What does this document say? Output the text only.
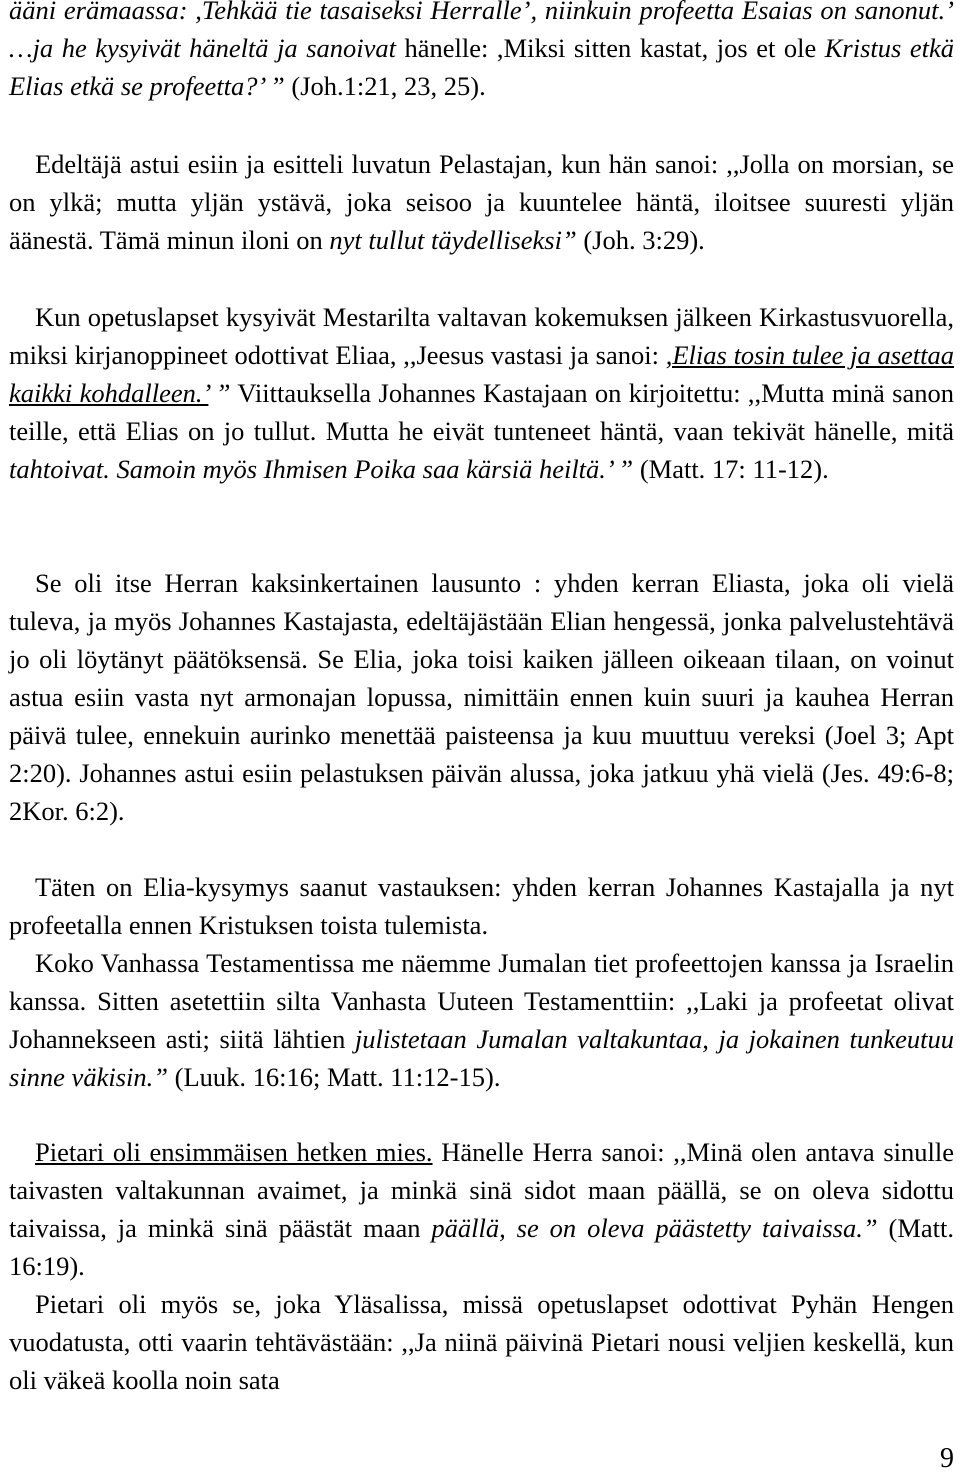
ääni erämaassa: ,Tehkää tie tasaiseksi Herralle’, niinkuin profeetta Esaias on sanonut.’ …ja he kysyivät häneltä ja sanoivat hänelle: ,Miksi sitten kastat, jos et ole Kristus etkä Elias etkä se profeetta?’ ” (Joh.1:21, 23, 25).

Edeltäjä astui esiin ja esitteli luvatun Pelastajan, kun hän sanoi: ,,Jolla on morsian, se on ylkä; mutta yljän ystävä, joka seisoo ja kuuntelee häntä, iloitsee suuresti yljän äänestä. Tämä minun iloni on nyt tullut täydelliseksi” (Joh. 3:29).

Kun opetuslapset kysyivät Mestarilta valtavan kokemuksen jälkeen Kirkastusvuorella, miksi kirjanoppineet odottivat Eliaa, ,,Jeesus vastasi ja sanoi: ,Elias tosin tulee ja asettaa kaikki kohdalleen.’ ” Viittauksella Johannes Kastajaan on kirjoitettu: ,,Mutta minä sanon teille, että Elias on jo tullut. Mutta he eivät tunteneet häntä, vaan tekivät hänelle, mitä tahtoivat. Samoin myös Ihmisen Poika saa kärsiä heiltä.’ ” (Matt. 17: 11-12).

Se oli itse Herran kaksinkertainen lausunto : yhden kerran Eliasta, joka oli vielä tuleva, ja myös Johannes Kastajasta, edeltäjästään Elian hengessä, jonka palvelustehtävä jo oli löytänyt päätöksensä. Se Elia, joka toisi kaiken jälleen oikeaan tilaan, on voinut astua esiin vasta nyt armonajan lopussa, nimittäin ennen kuin suuri ja kauhea Herran päivä tulee, ennekuin aurinko menettää paisteensa ja kuu muuttuu vereksi (Joel 3; Apt 2:20). Johannes astui esiin pelastuksen päivän alussa, joka jatkuu yhä vielä (Jes. 49:6-8; 2Kor. 6:2).

Täten on Elia-kysymys saanut vastauksen: yhden kerran Johannes Kastajalla ja nyt profeetalla ennen Kristuksen toista tulemista.

Koko Vanhassa Testamentissa me näemme Jumalan tiet profeettojen kanssa ja Israelin kanssa. Sitten asetettiin silta Vanhasta Uuteen Testamenttiin: ,,Laki ja profeetat olivat Johannekseen asti; siitä lähtien julistetaan Jumalan valtakuntaa, ja jokainen tunkeutuu sinne väkisin.” (Luuk. 16:16; Matt. 11:12-15).

Pietari oli ensimmäisen hetken mies. Hänelle Herra sanoi: ,,Minä olen antava sinulle taivasten valtakunnan avaimet, ja minkä sinä sidot maan päällä, se on oleva sidottu taivaissa, ja minkä sinä päästät maan päällä, se on oleva päästetty taivaissa.” (Matt. 16:19).

Pietari oli myös se, joka Yläsalissa, missä opetuslapset odottivat Pyhän Hengen vuodatusta, otti vaarin tehtävästään: ,,Ja niinä päivinä Pietari nousi veljien keskellä, kun oli väkeä koolla noin sata

9
